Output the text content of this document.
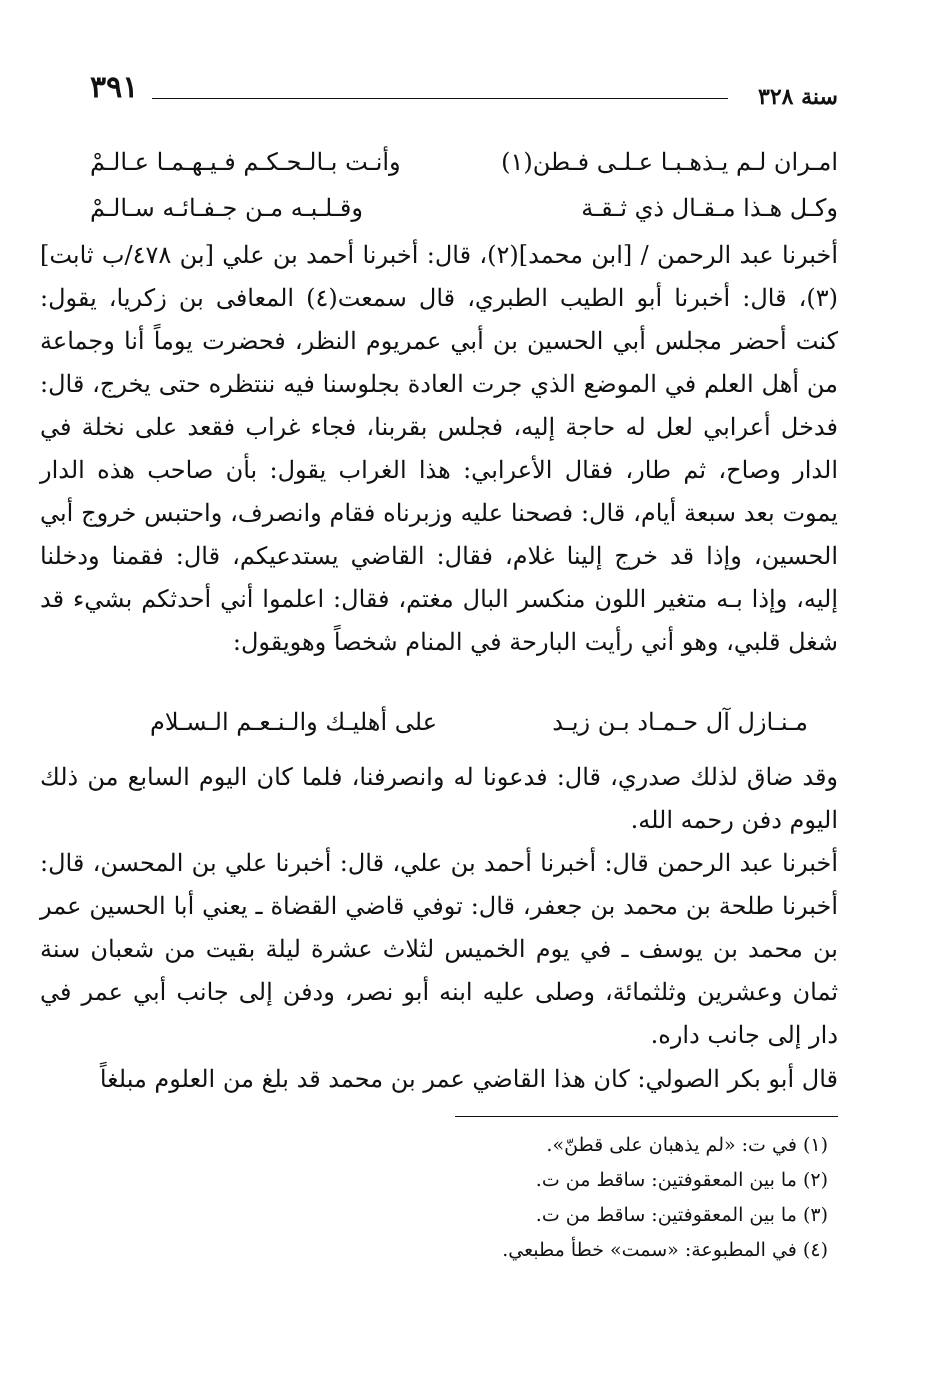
٣٩١	سنة ٣٢٨
امـران لـم يـذهـبـا عـلـى فـطن(١)
وأنـت بـالـحـكـم فـيـهـمـا عـالـمْ
وكـل هـذا مـقـال ذي ثـقـة
وقـلـبـه مـن جـفـائـه سـالـمْ

أخبرنا عبد الرحمن / [ابن محمد](٢)، قال: أخبرنا أحمد بن علي [بن ٤٧٨/ب ثابت](٣)، قال: أخبرنا أبو الطيب الطبري، قال سمعت(٤) المعافى بن زكريا، يقول: كنت أحضر مجلس أبي الحسين بن أبي عمريوم النظر، فحضرت يوماً أنا وجماعة من أهل العلم في الموضع الذي جرت العادة بجلوسنا فيه ننتظره حتى يخرج، قال: فدخل أعرابي لعل له حاجة إليه، فجلس بقربنا، فجاء غراب فقعد على نخلة في الدار وصاح، ثم طار، فقال الأعرابي: هذا الغراب يقول: بأن صاحب هذه الدار يموت بعد سبعة أيام، قال: فصحنا عليه وزبرناه فقام وانصرف، واحتبس خروج أبي الحسين، وإذا قد خرج إلينا غلام، فقال: القاضي يستدعيكم، قال: فقمنا ودخلنا إليه، وإذا بـه متغير اللون منكسر البال مغتم، فقال: اعلموا أني أحدثكم بشيء قد شغل قلبي، وهو أني رأيت البارحة في المنام شخصاً وهويقول:

مـنـازل آل حـمـاد بـن زيـد
على أهليـك والـنـعـم الـسـلام

وقد ضاق لذلك صدري، قال: فدعونا له وانصرفنا، فلما كان اليوم السابع من ذلك اليوم دفن رحمه الله.

أخبرنا عبد الرحمن قال: أخبرنا أحمد بن علي، قال: أخبرنا علي بن المحسن، قال: أخبرنا طلحة بن محمد بن جعفر، قال: توفي قاضي القضاة ـ يعني أبا الحسين عمر بن محمد بن يوسف ـ في يوم الخميس لثلاث عشرة ليلة بقيت من شعبان سنة ثمان وعشرين وثلثمائة، وصلى عليه ابنه أبو نصر، ودفن إلى جانب أبي عمر في دار إلى جانب داره.

قال أبو بكر الصولي: كان هذا القاضي عمر بن محمد قد بلغ من العلوم مبلغاً

(١) في ت: «لم يذهبان على قطنّ».
(٢) ما بين المعقوفتين: ساقط من ت.
(٣) ما بين المعقوفتين: ساقط من ت.
(٤) في المطبوعة: «سمت» خطأ مطبعي.
